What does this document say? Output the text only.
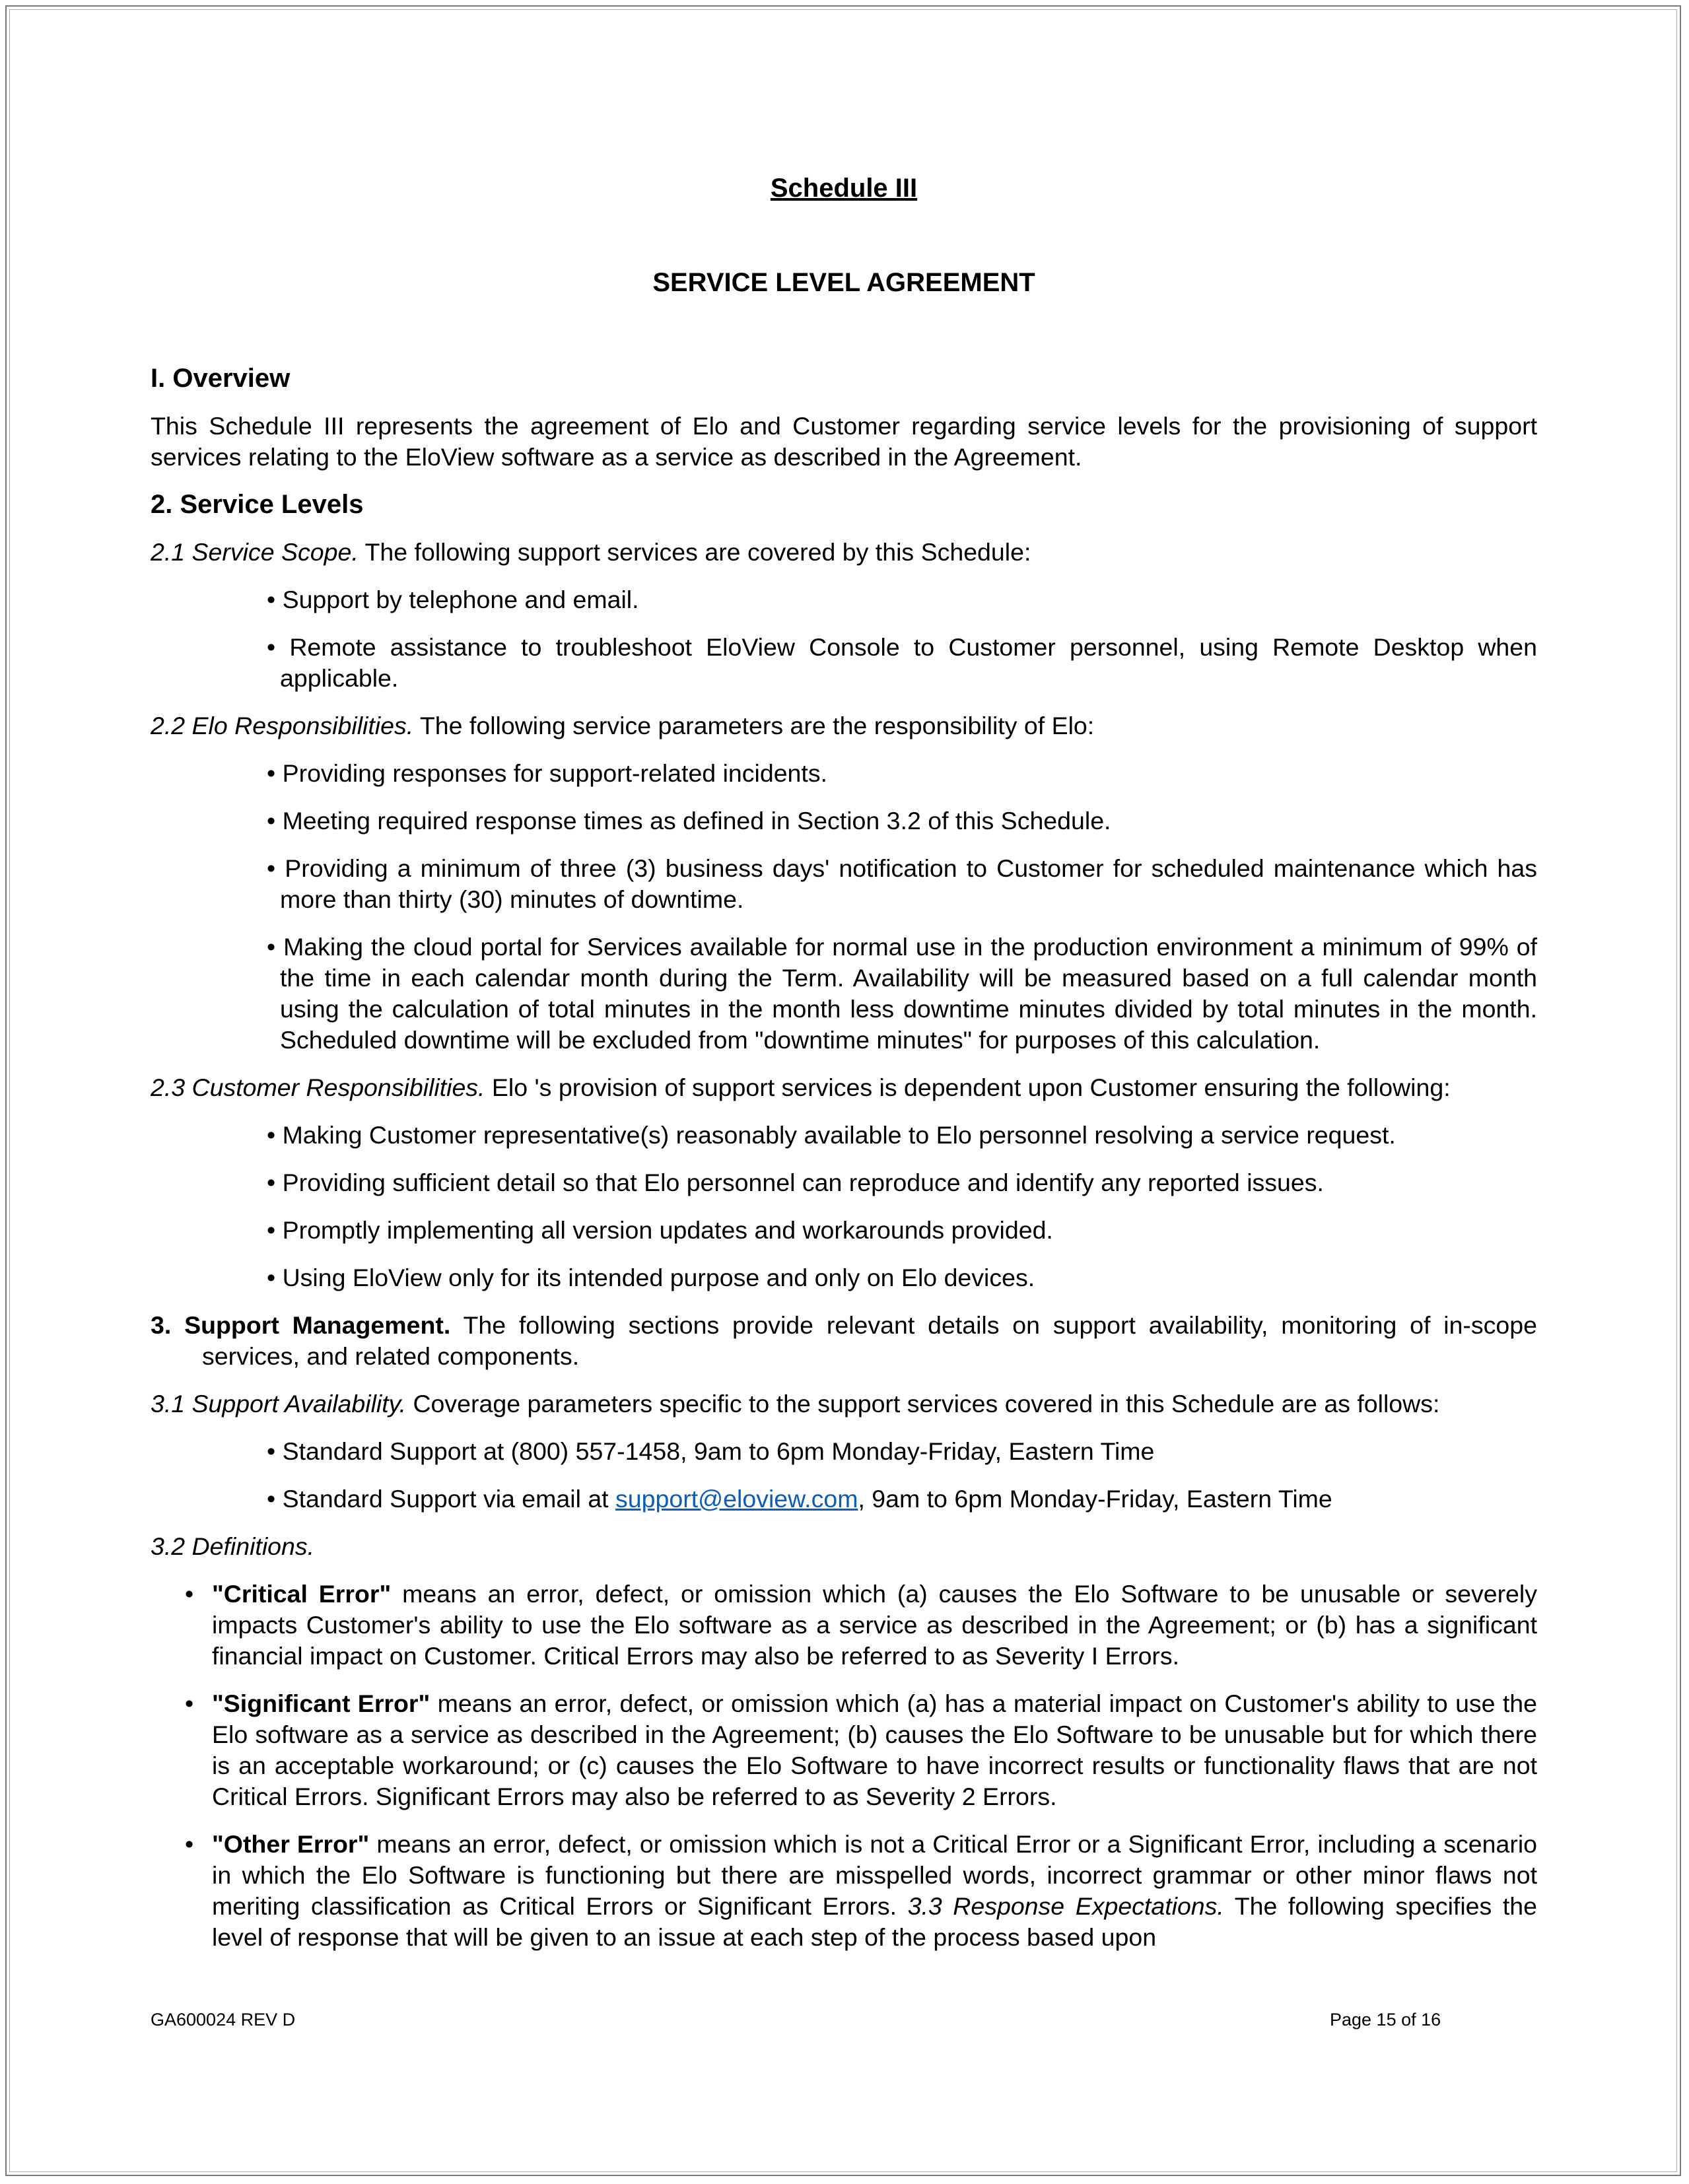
Schedule III
SERVICE LEVEL AGREEMENT
I. Overview
This Schedule III represents the agreement of Elo and Customer regarding service levels for the provisioning of support services relating to the EloView software as a service as described in the Agreement.
2. Service Levels
2.1 Service Scope. The following support services are covered by this Schedule:
• Support by telephone and email.
• Remote assistance to troubleshoot EloView Console to Customer personnel, using Remote Desktop when applicable.
2.2 Elo Responsibilities. The following service parameters are the responsibility of Elo:
• Providing responses for support-related incidents.
• Meeting required response times as defined in Section 3.2 of this Schedule.
• Providing a minimum of three (3) business days' notification to Customer for scheduled maintenance which has more than thirty (30) minutes of downtime.
• Making the cloud portal for Services available for normal use in the production environment a minimum of 99% of the time in each calendar month during the Term. Availability will be measured based on a full calendar month using the calculation of total minutes in the month less downtime minutes divided by total minutes in the month. Scheduled downtime will be excluded from "downtime minutes" for purposes of this calculation.
2.3 Customer Responsibilities. Elo 's provision of support services is dependent upon Customer ensuring the following:
• Making Customer representative(s) reasonably available to Elo personnel resolving a service request.
• Providing sufficient detail so that Elo personnel can reproduce and identify any reported issues.
• Promptly implementing all version updates and workarounds provided.
• Using EloView only for its intended purpose and only on Elo devices.
3. Support Management. The following sections provide relevant details on support availability, monitoring of in-scope services, and related components.
3.1 Support Availability. Coverage parameters specific to the support services covered in this Schedule are as follows:
• Standard Support at (800) 557-1458, 9am to 6pm Monday-Friday, Eastern Time
• Standard Support via email at support@eloview.com, 9am to 6pm Monday-Friday, Eastern Time
3.2 Definitions.
• "Critical Error" means an error, defect, or omission which (a) causes the Elo Software to be unusable or severely impacts Customer's ability to use the Elo software as a service as described in the Agreement; or (b) has a significant financial impact on Customer. Critical Errors may also be referred to as Severity I Errors.
• "Significant Error" means an error, defect, or omission which (a) has a material impact on Customer's ability to use the Elo software as a service as described in the Agreement; (b) causes the Elo Software to be unusable but for which there is an acceptable workaround; or (c) causes the Elo Software to have incorrect results or functionality flaws that are not Critical Errors. Significant Errors may also be referred to as Severity 2 Errors.
• "Other Error" means an error, defect, or omission which is not a Critical Error or a Significant Error, including a scenario in which the Elo Software is functioning but there are misspelled words, incorrect grammar or other minor flaws not meriting classification as Critical Errors or Significant Errors. 3.3 Response Expectations. The following specifies the level of response that will be given to an issue at each step of the process based upon
GA600024 REV D	Page 15 of 16
